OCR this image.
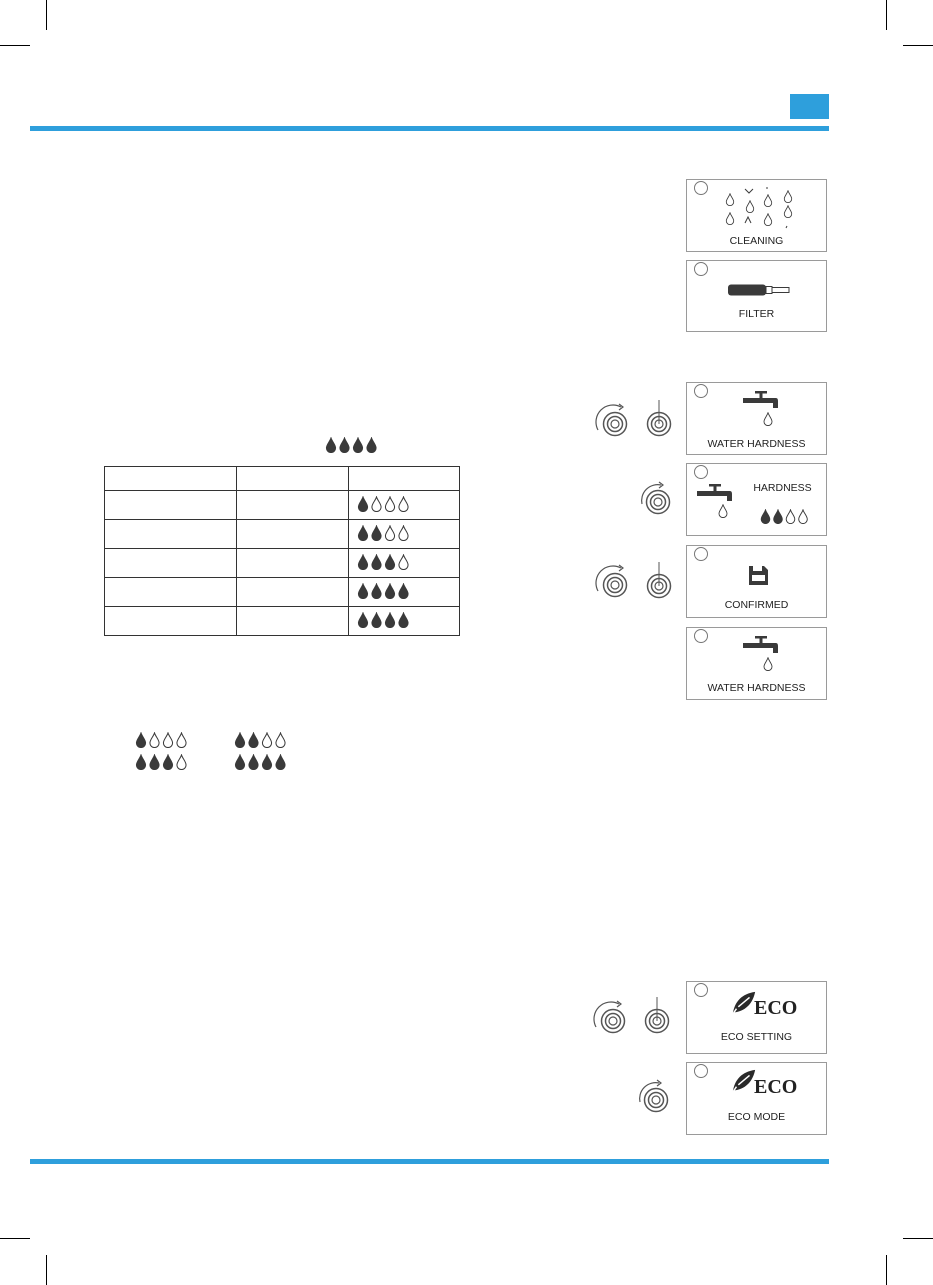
CLEANING
FILTER
WATER HARDNESS
HARDNESS
CONFIRMED
WATER HARDNESS
ECO
ECO SETTING
ECO
ECO MODE
